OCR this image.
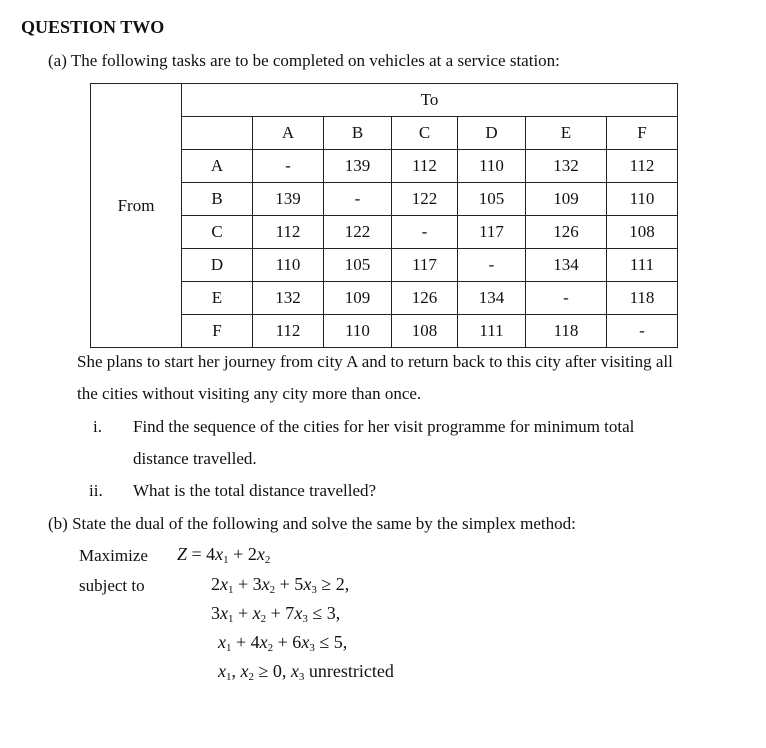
QUESTION TWO
(a) The following tasks are to be completed on vehicles at a service station:
	To						
		A	B	C	D	E	F

From	A	-	139	112	110	132	112
	B	139	-	122	105	109	110
	C	112	122	-	117	126	108
	D	110	105	117	-	134	111
	E	132	109	126	134	-	118
	F	112	110	108	111	118	-
She plans to start her journey from city A and to return back to this city after visiting all
the cities without visiting any city more than once.
i. Find the sequence of the cities for her visit programme for minimum total
distance travelled.
ii. What is the total distance travelled?
(b) State the dual of the following and solve the same by the simplex method:
Maximize $Z = 4x_1 + 2x_2$
subject to	$2x_1 + 3x_2 + 5x_3 \ge 2$,
$3x_1 + x_2 + 7x_3 \le 3$,
$x_1 + 4x_2 + 6x_3 \le 5$,
$x_1$, $x_2 \ge 0$, $x_3$ unrestricted
